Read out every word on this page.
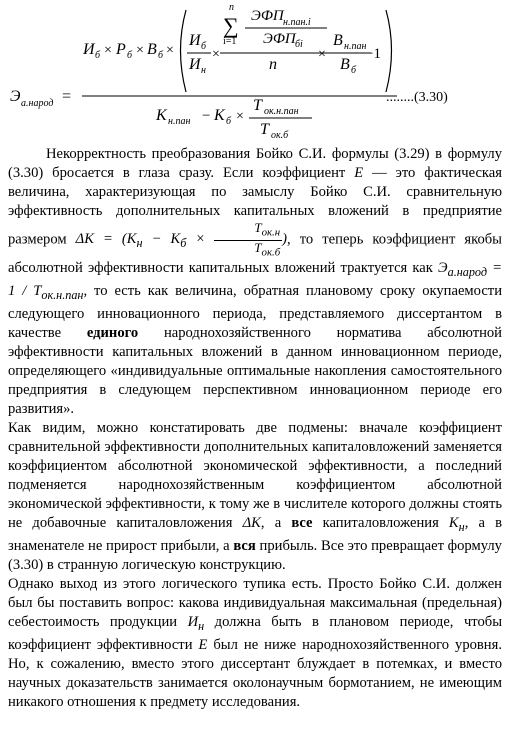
Э а.народ =
И б × Р б × В б ×
И б
И н
×
n
∑
i=1
ЭФП н.пан.i
ЭФП бi
n
×
В н.пан
В б
−1
К н.пан − К б ×
Т ок.н.пан
Т ок.б
........(3.30)

Некорректность преобразования Бойко С.И. формулы (3.29) в формулу (3.30) бросается в глаза сразу. Если коэффициент Е — это фактическая величина, характеризующая по замыслу Бойко С.И. сравнительную эффективность дополнительных капитальных вложений в предприятие размером $\Delta K = (K_н - K_б \times \frac{T_{ок.н}}{T_{ок.б}}$ ), то теперь коэффициент якобы абсолютной эффективности капитальных вложений трактуется как $Э_{а.народ} = 1 / T_{ок.н.пан}$, то есть как величина, обратная плановому сроку окупаемости следующего инновационного периода, представляемого диссертантом в качестве единого народнохозяйственного норматива абсолютной эффективности капитальных вложений в данном инновационном периоде, определяющего «индивидуальные оптимальные накопления самостоятельного предприятия в следующем перспективном инновационном периоде его развития».

Как видим, можно констатировать две подмены: вначале коэффициент сравнительной эффективности дополнительных капиталовложений заменяется коэффициентом абсолютной экономической эффективности, а последний подменяется народнохозяйственным коэффициентом абсолютной экономической эффективности, к тому же в числителе которого должны стоять не добавочные капиталовложения ΔK, а все капиталовложения $K_н$, а в знаменателе не прирост прибыли, а вся прибыль. Все это превращает формулу (3.30) в странную логическую конструкцию.

Однако выход из этого логического тупика есть. Просто Бойко С.И. должен был бы поставить вопрос: какова индивидуальная максимальная (предельная) себестоимость продукции $И_н$ должна быть в плановом периоде, чтобы коэффициент эффективности Е был не ниже народнохозяйственного уровня. Но, к сожалению, вместо этого диссертант блуждает в потемках, и вместо научных доказательств занимается околонаучным бормотанием, не имеющим никакого отношения к предмету исследования.
